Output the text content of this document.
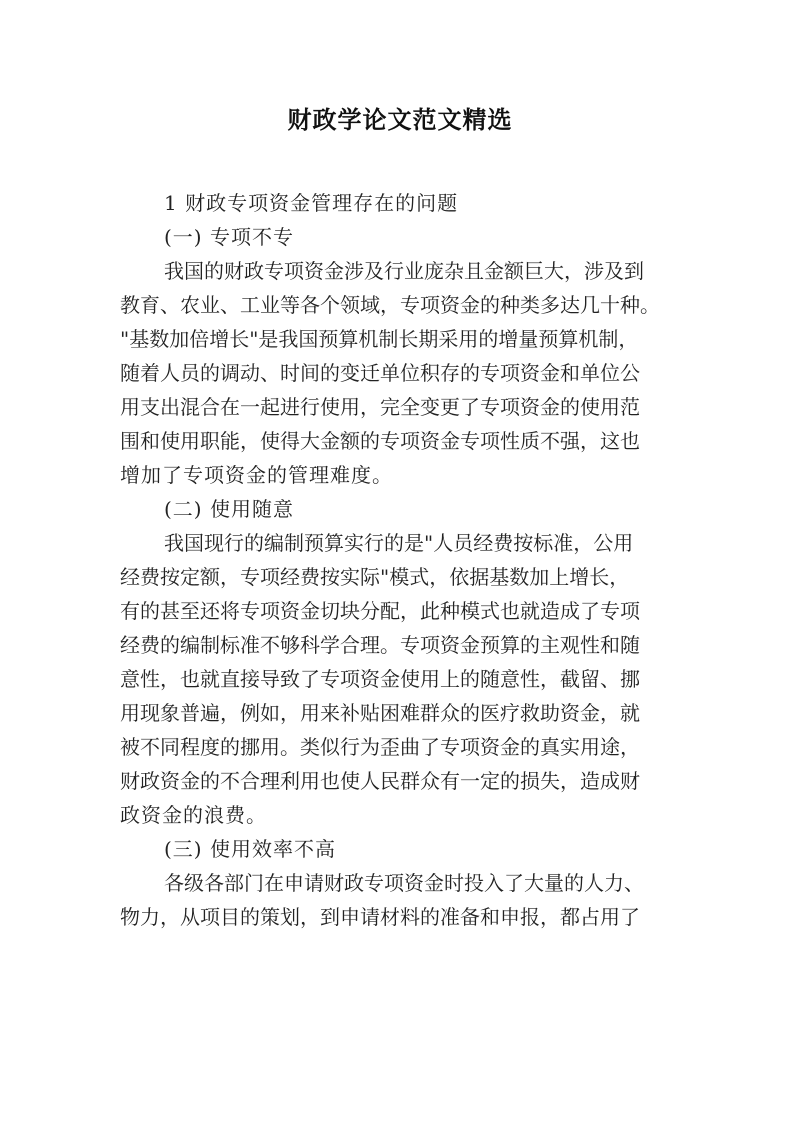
财政学论文范文精选
1 财政专项资金管理存在的问题
(一) 专项不专
我国的财政专项资金涉及行业庞杂且金额巨大，涉及到
教育、农业、工业等各个领域，专项资金的种类多达几十种。
"基数加倍增长"是我国预算机制长期采用的增量预算机制，
随着人员的调动、时间的变迁单位积存的专项资金和单位公
用支出混合在一起进行使用，完全变更了专项资金的使用范
围和使用职能，使得大金额的专项资金专项性质不强，这也
增加了专项资金的管理难度。
(二) 使用随意
我国现行的编制预算实行的是"人员经费按标准，公用
经费按定额，专项经费按实际"模式，依据基数加上增长，
有的甚至还将专项资金切块分配，此种模式也就造成了专项
经费的编制标准不够科学合理。专项资金预算的主观性和随
意性，也就直接导致了专项资金使用上的随意性，截留、挪
用现象普遍，例如，用来补贴困难群众的医疗救助资金，就
被不同程度的挪用。类似行为歪曲了专项资金的真实用途，
财政资金的不合理利用也使人民群众有一定的损失，造成财
政资金的浪费。
(三) 使用效率不高
各级各部门在申请财政专项资金时投入了大量的人力、
物力，从项目的策划，到申请材料的准备和申报，都占用了
